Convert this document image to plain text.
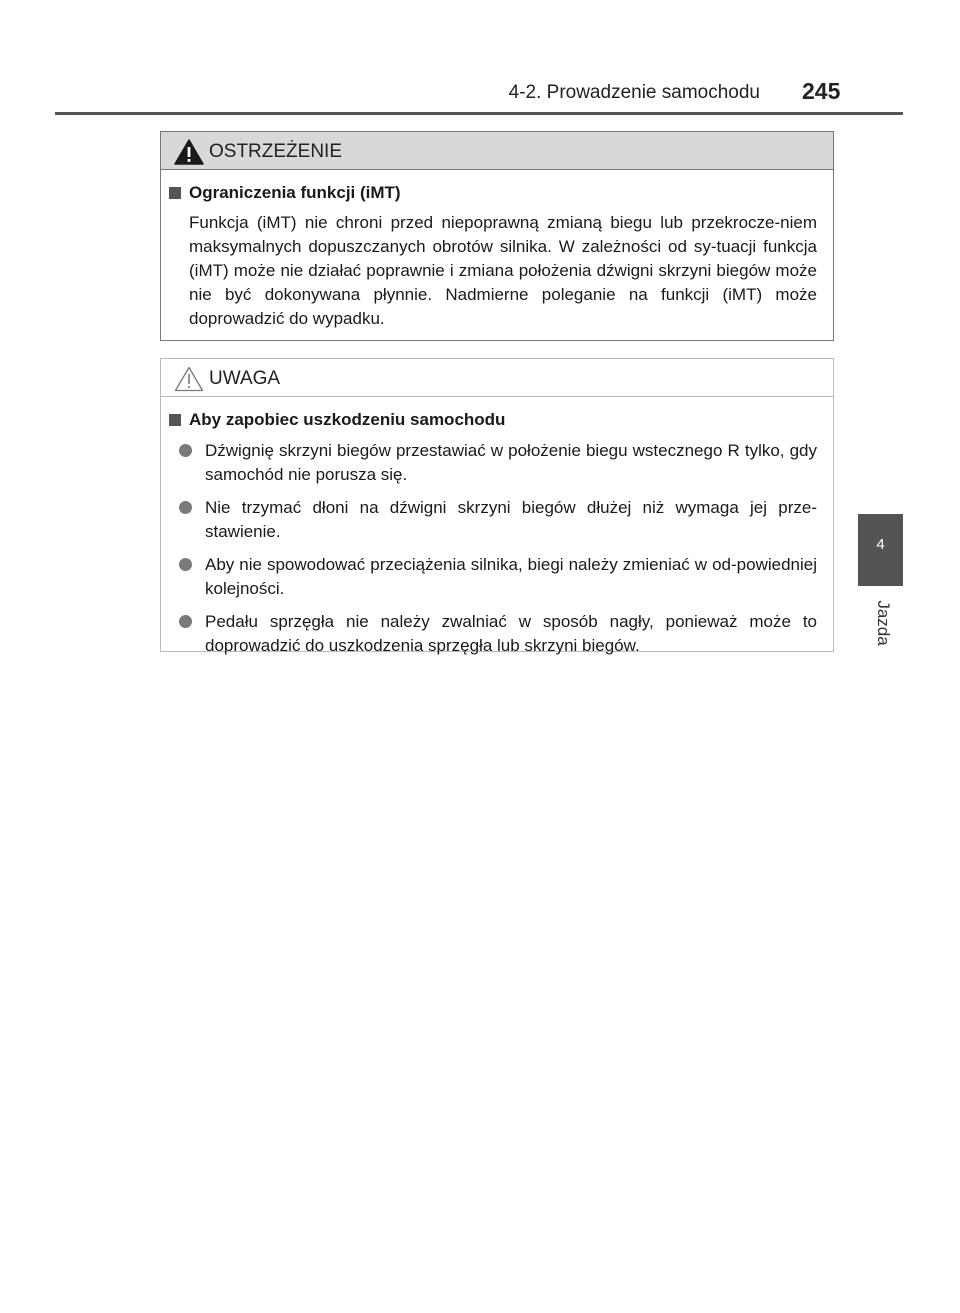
4-2. Prowadzenie samochodu 245
4
Jazda
OSTRZEŻENIE
Ograniczenia funkcji (iMT)
Funkcja (iMT) nie chroni przed niepoprawną zmianą biegu lub przekrocze-niem maksymalnych dopuszczanych obrotów silnika. W zależności od sy-tuacji funkcja (iMT) może nie działać poprawnie i zmiana położenia dźwigni skrzyni biegów może nie być dokonywana płynnie. Nadmierne poleganie na funkcji (iMT) może doprowadzić do wypadku.
UWAGA
Aby zapobiec uszkodzeniu samochodu
Dźwignię skrzyni biegów przestawiać w położenie biegu wstecznego R tylko, gdy samochód nie porusza się.
Nie trzymać dłoni na dźwigni skrzyni biegów dłużej niż wymaga jej prze-stawienie.
Aby nie spowodować przeciążenia silnika, biegi należy zmieniać w od-powiedniej kolejności.
Pedału sprzęgła nie należy zwalniać w sposób nagły, ponieważ może to doprowadzić do uszkodzenia sprzęgła lub skrzyni biegów.
